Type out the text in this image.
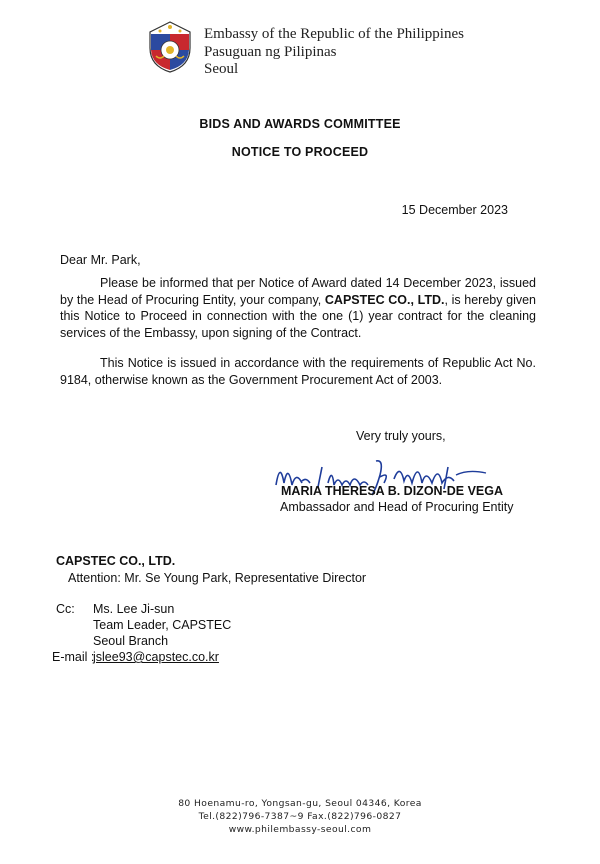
Embassy of the Republic of the Philippines
Pasuguan ng Pilipinas
Seoul
BIDS AND AWARDS COMMITTEE
NOTICE TO PROCEED
15 December 2023
Dear Mr. Park,
Please be informed that per Notice of Award dated 14 December 2023, issued by the Head of Procuring Entity, your company, CAPSTEC CO., LTD., is hereby given this Notice to Proceed in connection with the one (1) year contract for the cleaning services of the Embassy, upon signing of the Contract.
This Notice is issued in accordance with the requirements of Republic Act No. 9184, otherwise known as the Government Procurement Act of 2003.
Very truly yours,
MARIA THERESA B. DIZON-DE VEGA
Ambassador and Head of Procuring Entity
CAPSTEC CO., LTD.
Attention: Mr. Se Young Park, Representative Director
Cc: Ms. Lee Ji-sun
Team Leader, CAPSTEC
Seoul Branch
E-mail :
jslee93@capstec.co.kr
80 Hoenamu-ro, Yongsan-gu, Seoul 04346, Korea
Tel.(822)796-7387~9 Fax.(822)796-0827
www.philembassy-seoul.com
